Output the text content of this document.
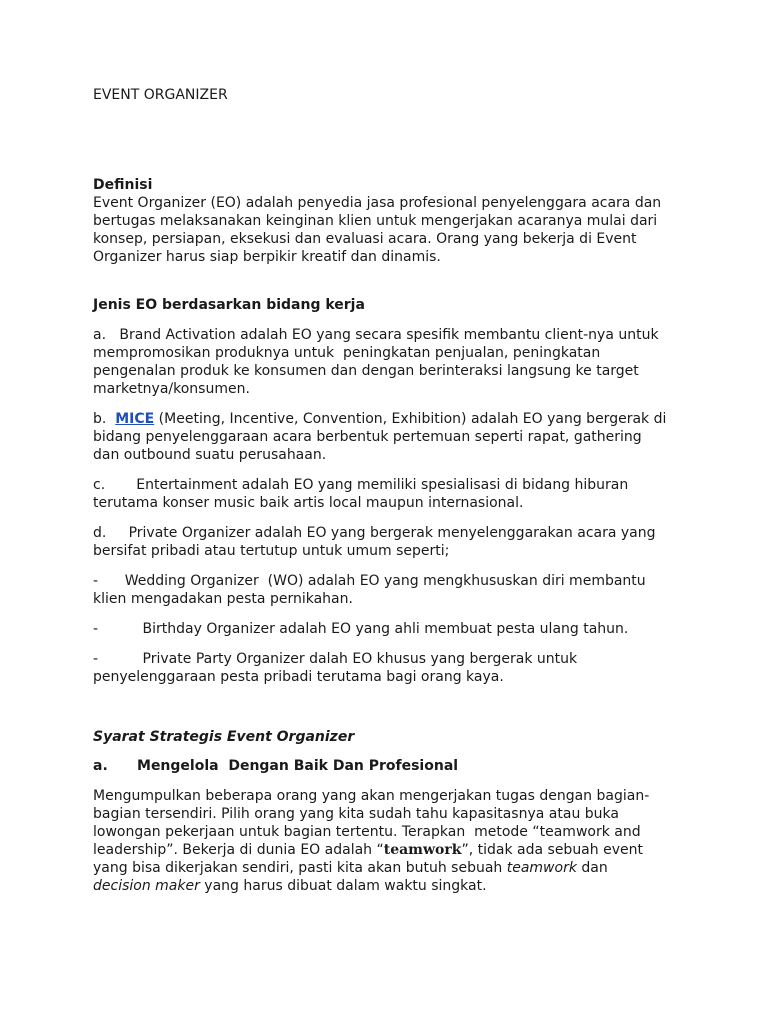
EVENT ORGANIZER
Definisi
Event Organizer (EO) adalah penyedia jasa profesional penyelenggara acara dan
bertugas melaksanakan keinginan klien untuk mengerjakan acaranya mulai dari
konsep, persiapan, eksekusi dan evaluasi acara. Orang yang bekerja di Event
Organizer harus siap berpikir kreatif dan dinamis.
Jenis EO berdasarkan bidang kerja
a.   Brand Activation adalah EO yang secara spesifik membantu client-nya untuk
mempromosikan produknya untuk  peningkatan penjualan, peningkatan
pengenalan produk ke konsumen dan dengan berinteraksi langsung ke target
marketnya/konsumen.
b.  MICE (Meeting, Incentive, Convention, Exhibition) adalah EO yang bergerak di
bidang penyelenggaraan acara berbentuk pertemuan seperti rapat, gathering
dan outbound suatu perusahaan.
c.       Entertainment adalah EO yang memiliki spesialisasi di bidang hiburan
terutama konser music baik artis local maupun internasional.
d.     Private Organizer adalah EO yang bergerak menyelenggarakan acara yang
bersifat pribadi atau tertutup untuk umum seperti;
-      Wedding Organizer  (WO) adalah EO yang mengkhususkan diri membantu
klien mengadakan pesta pernikahan.
-          Birthday Organizer adalah EO yang ahli membuat pesta ulang tahun.
-          Private Party Organizer dalah EO khusus yang bergerak untuk
penyelenggaraan pesta pribadi terutama bagi orang kaya.
Syarat Strategis Event Organizer
a.      Mengelola  Dengan Baik Dan Profesional
Mengumpulkan beberapa orang yang akan mengerjakan tugas dengan bagian-
bagian tersendiri. Pilih orang yang kita sudah tahu kapasitasnya atau buka
lowongan pekerjaan untuk bagian tertentu. Terapkan  metode “teamwork and
leadership”. Bekerja di dunia EO adalah “teamwork”, tidak ada sebuah event
yang bisa dikerjakan sendiri, pasti kita akan butuh sebuah teamwork dan
decision maker yang harus dibuat dalam waktu singkat.
